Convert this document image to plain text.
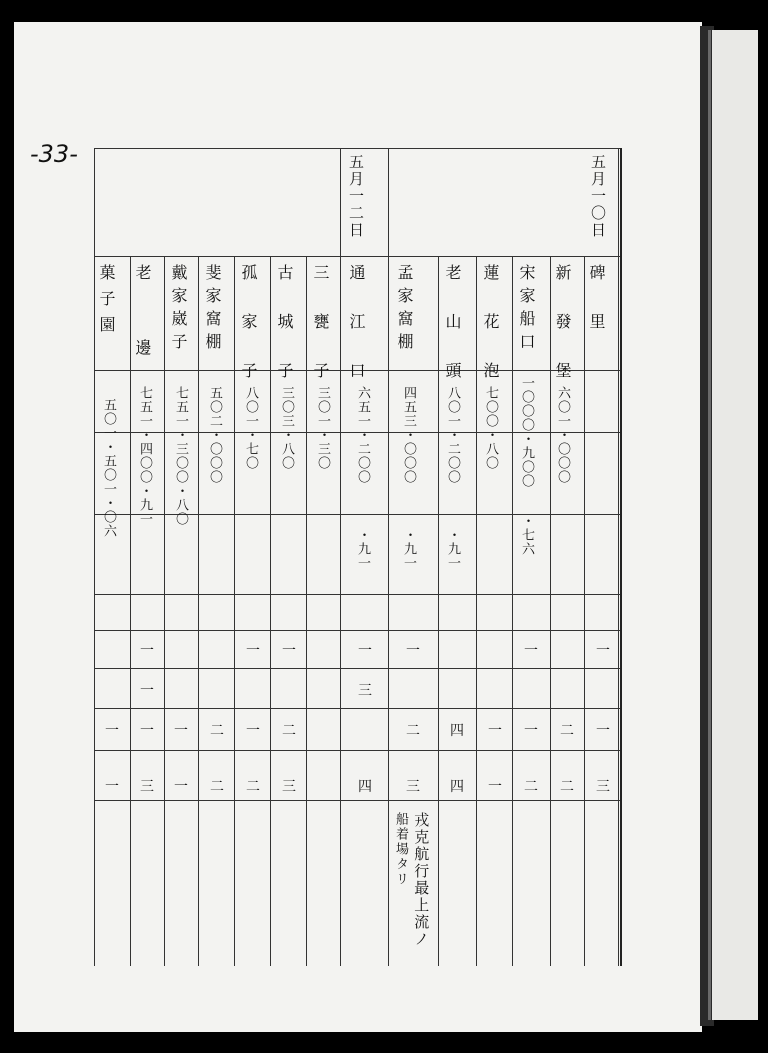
-33-	五月一〇日
五月一二日
碑 里
一
一
三
新 發 堡
六〇一・〇〇〇
二
二
宋家船口
一〇〇〇・九〇〇
・七六
一
一
二
蓮 花 泡
七〇〇・八〇
一
一
老 山 頭
八〇一・二〇〇
・九一
四
四
孟家窩棚
四五三・〇〇〇
・九一
一
二
三
通 江 口
六五一・二〇〇
・九一
一
三
四
三 甕 子
三〇一・三〇
古 城 子
三〇三・八〇
一
二
三
孤 家 子
八〇一・七〇
一
一
二
斐家窩棚
五〇二・〇〇〇
二
二
戴家崴子
七五一・三〇〇・八〇
一
一
老 邊
七五一・四〇〇・九一
一
一
一
三
菓子園
五〇一・五〇一・〇六
一
一
戎克航行最上流ノ
船着場タリ
